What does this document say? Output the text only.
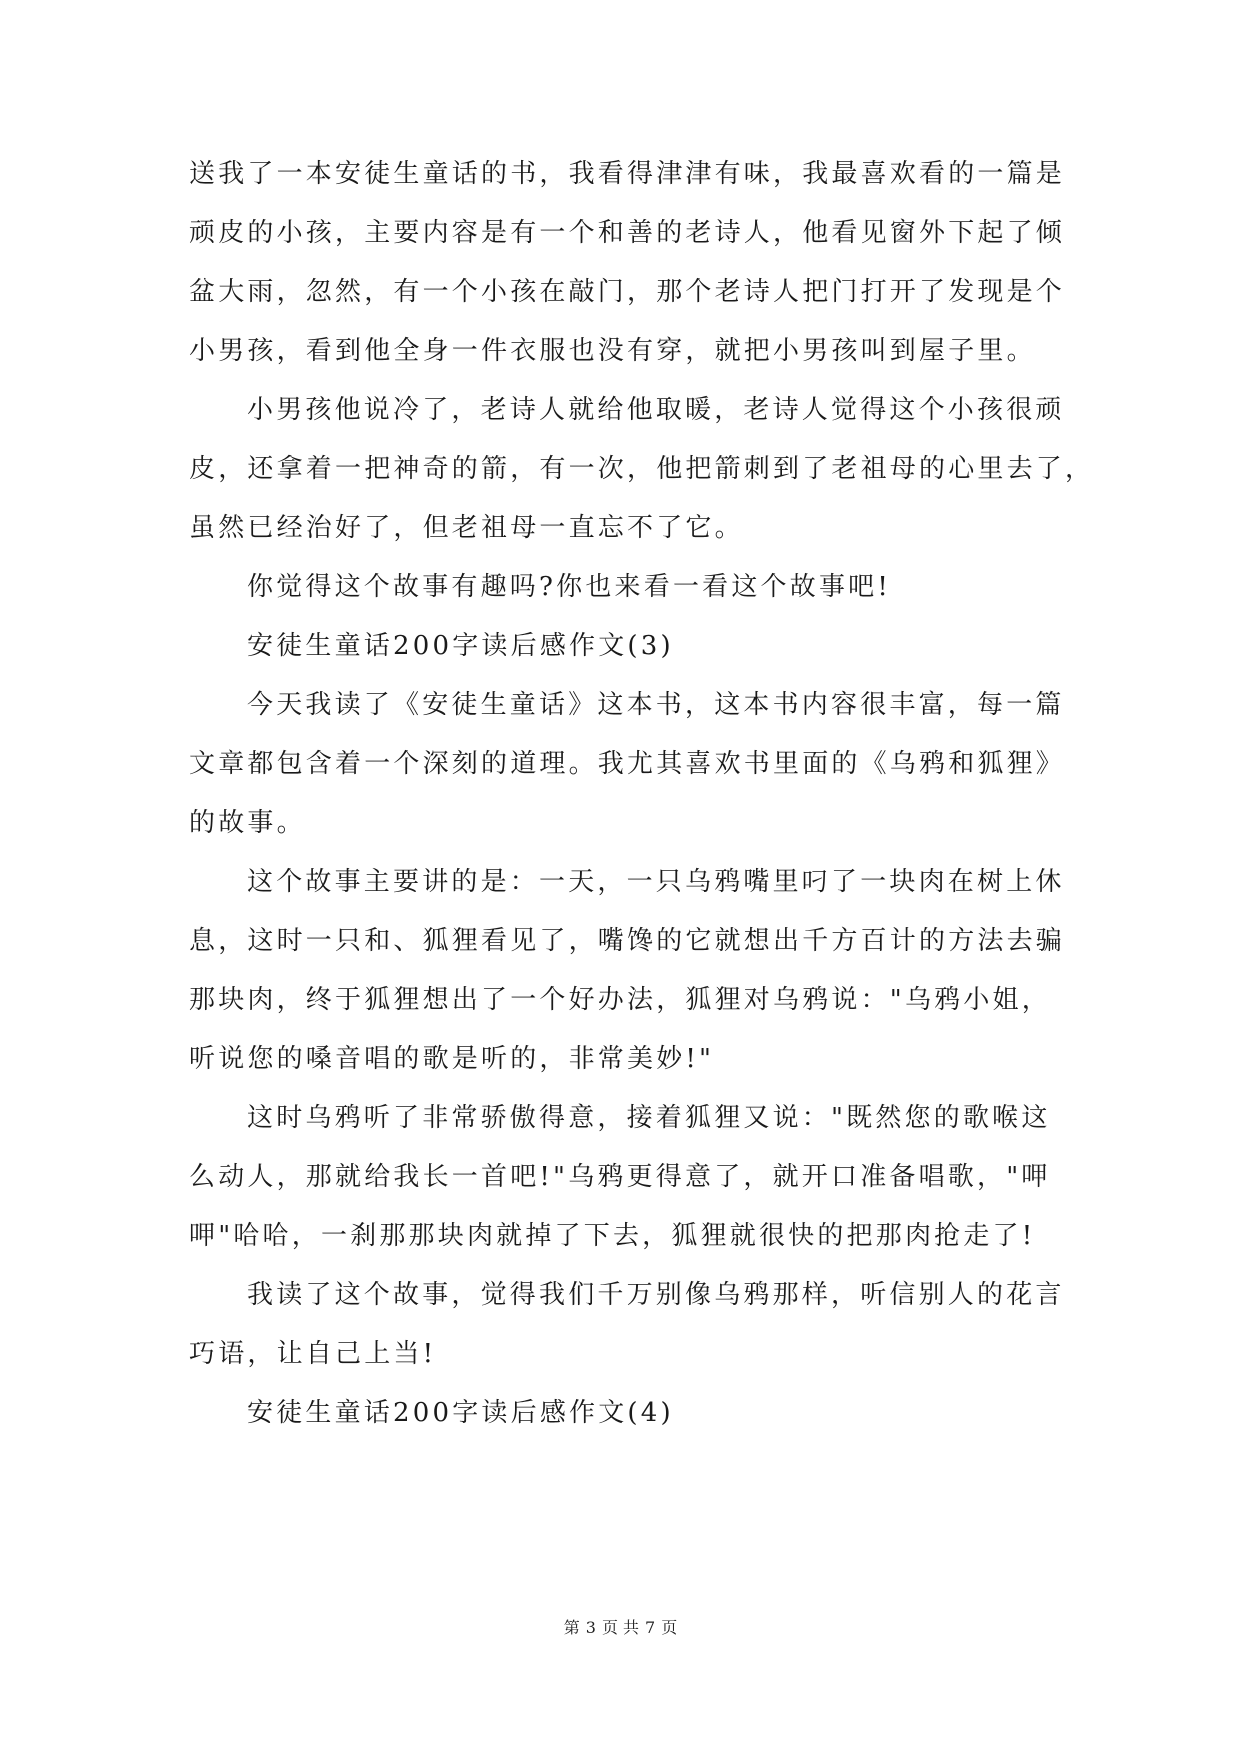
送我了一本安徒生童话的书，我看得津津有味，我最喜欢看的一篇是
顽皮的小孩，主要内容是有一个和善的老诗人，他看见窗外下起了倾
盆大雨，忽然，有一个小孩在敲门，那个老诗人把门打开了发现是个
小男孩，看到他全身一件衣服也没有穿，就把小男孩叫到屋子里。
小男孩他说冷了，老诗人就给他取暖，老诗人觉得这个小孩很顽
皮，还拿着一把神奇的箭，有一次，他把箭刺到了老祖母的心里去了，
虽然已经治好了，但老祖母一直忘不了它。
你觉得这个故事有趣吗?你也来看一看这个故事吧!
安徒生童话200字读后感作文(3)
今天我读了《安徒生童话》这本书，这本书内容很丰富，每一篇
文章都包含着一个深刻的道理。我尤其喜欢书里面的《乌鸦和狐狸》
的故事。
这个故事主要讲的是：一天，一只乌鸦嘴里叼了一块肉在树上休
息，这时一只和、狐狸看见了，嘴馋的它就想出千方百计的方法去骗
那块肉，终于狐狸想出了一个好办法，狐狸对乌鸦说："乌鸦小姐，
听说您的嗓音唱的歌是听的，非常美妙!"
这时乌鸦听了非常骄傲得意，接着狐狸又说："既然您的歌喉这
么动人，那就给我长一首吧!"乌鸦更得意了，就开口准备唱歌，"呷
呷"哈哈，一刹那那块肉就掉了下去，狐狸就很快的把那肉抢走了!
我读了这个故事，觉得我们千万别像乌鸦那样，听信别人的花言
巧语，让自己上当!
安徒生童话200字读后感作文(4)
第 3 页 共 7 页
